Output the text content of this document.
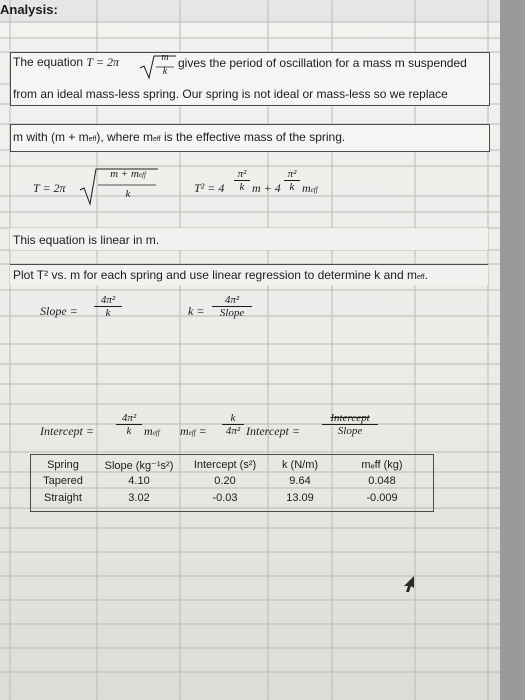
Analysis:
The equation T = 2π	m
k
gives the period of oscillation for a mass m suspended
from an ideal mass-less spring. Our spring is not ideal or mass-less so we replace
m with (m + meff), where meff is the effective mass of the spring.
T = 2π
m + meff
k	$T^2 = 4 \frac{\text{π²}}{k}$ $m + 4 \frac{\text{π²}}{k}$ meff
This equation is linear in m.
Plot T² vs. m for each spring and use linear regression to determine k and meff.
Slope = $\frac{\text{4π²}}{k}$	k =
4π²
Slope
Intercept = $\frac{\text{4π²}}{k}$ meff meff = $\frac{k}{\text{4π²}}$ Intercept =
Intercept
Slope
Spring	Slope (kg⁻¹s²)	Intercept (s²)	k (N/m)	mₑff (kg)
Tapered	4.10	0.20	9.64	0.048
Straight	3.02	-0.03	13.09	-0.009
